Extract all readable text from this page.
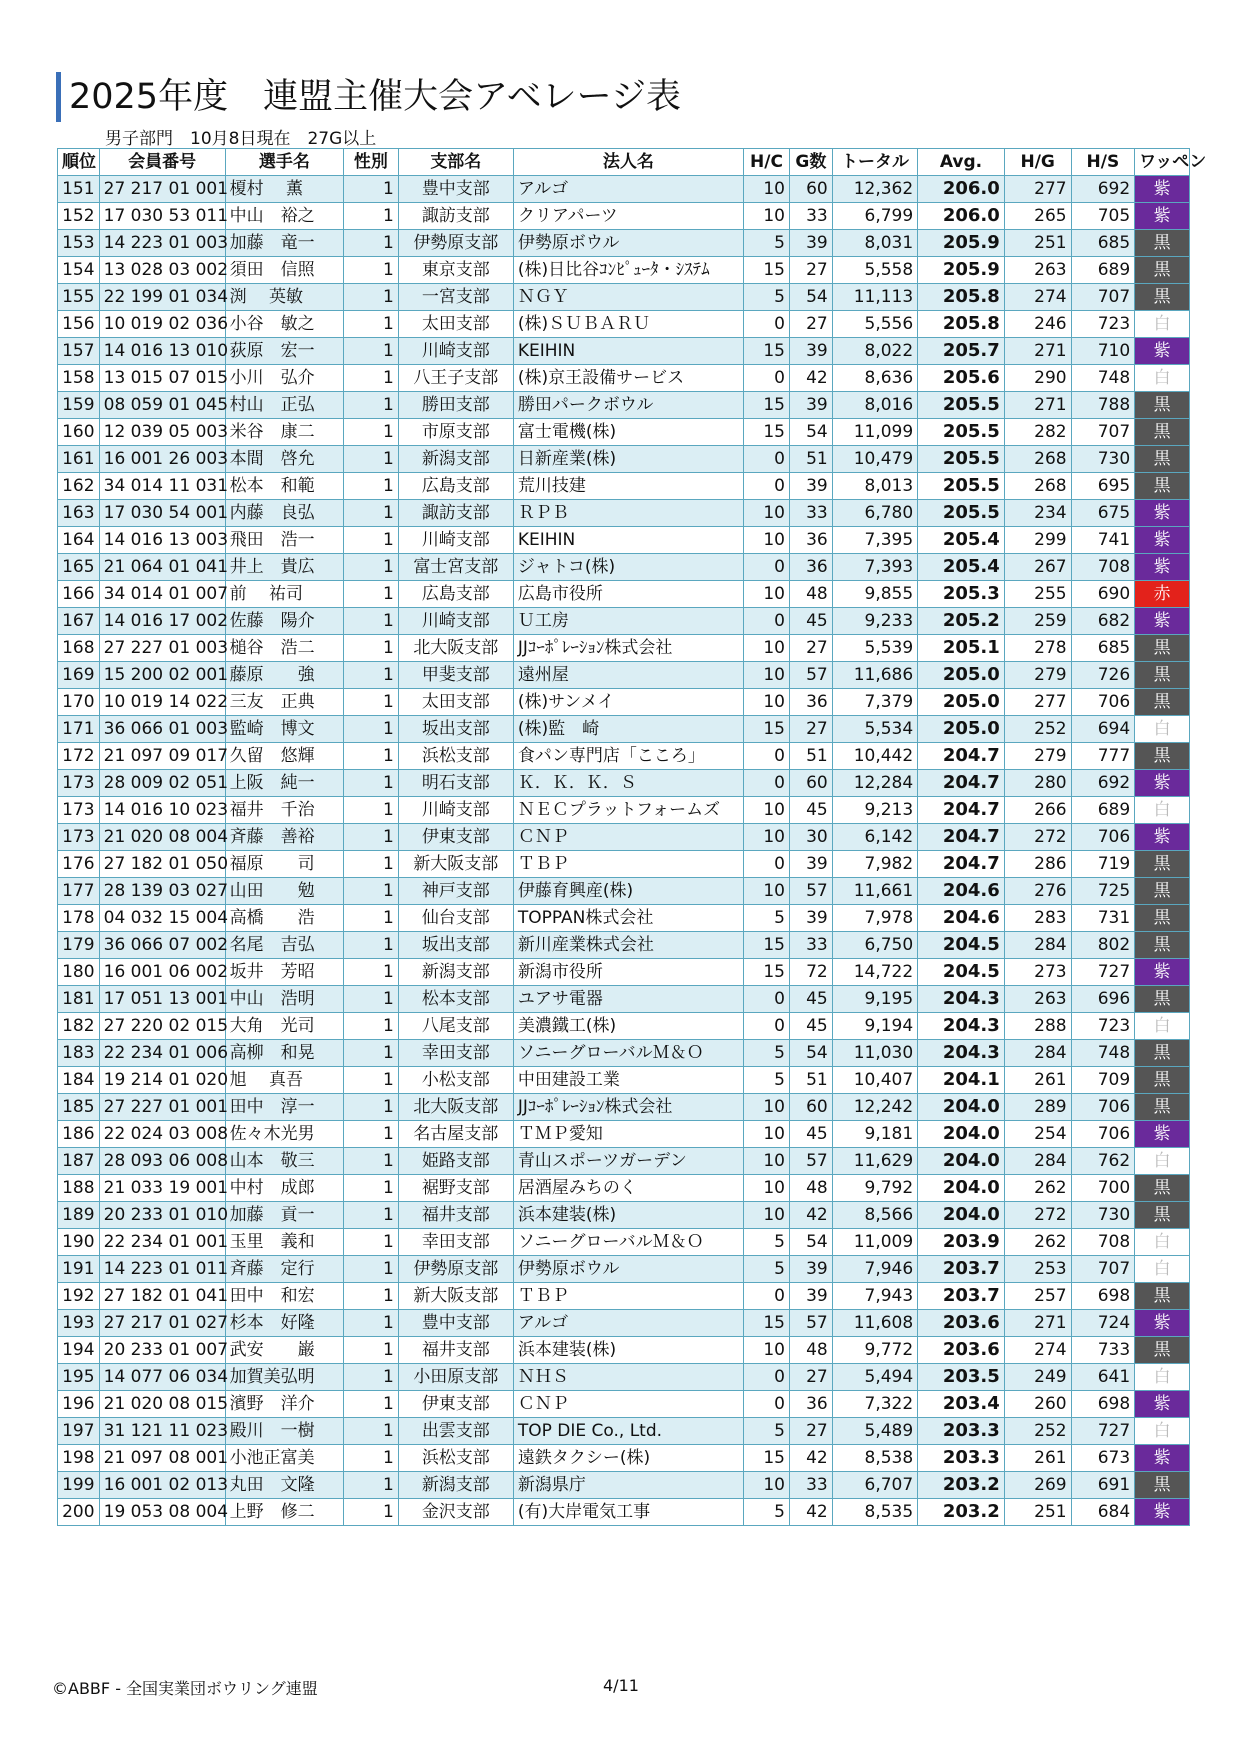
2025年度　連盟主催大会アベレージ表
男子部門　10月8日現在　27G以上
順位	会員番号	選手名	性別	支部名	法人名	H/C	G数	トータル	Avg.	H/G	H/S	ワッペン
151	27 217 01 001	榎村　 薫	1	豊中支部	アルゴ	10	60	12,362	206.0	277	692	紫
152	17 030 53 011	中山　裕之	1	諏訪支部	クリアパーツ	10	33	6,799	206.0	265	705	紫
153	14 223 01 003	加藤　竜一	1	伊勢原支部	伊勢原ボウル	5	39	8,031	205.9	251	685	黒
154	13 028 03 002	須田　信照	1	東京支部	(株)日比谷ｺﾝﾋﾟｭｰﾀ・ｼｽﾃﾑ	15	27	5,558	205.9	263	689	黒
155	22 199 01 034	渕　 英敏	1	一宮支部	ＮＧＹ	5	54	11,113	205.8	274	707	黒
156	10 019 02 036	小谷　敏之	1	太田支部	(株)ＳＵＢＡＲＵ	0	27	5,556	205.8	246	723	白
157	14 016 13 010	荻原　宏一	1	川崎支部	KEIHIN	15	39	8,022	205.7	271	710	紫
158	13 015 07 015	小川　弘介	1	八王子支部	(株)京王設備サービス	0	42	8,636	205.6	290	748	白
159	08 059 01 045	村山　正弘	1	勝田支部	勝田パークボウル	15	39	8,016	205.5	271	788	黒
160	12 039 05 003	米谷　康二	1	市原支部	富士電機(株)	15	54	11,099	205.5	282	707	黒
161	16 001 26 003	本間　啓允	1	新潟支部	日新産業(株)	0	51	10,479	205.5	268	730	黒
162	34 014 11 031	松本　和範	1	広島支部	荒川技建	0	39	8,013	205.5	268	695	黒
163	17 030 54 001	内藤　良弘	1	諏訪支部	ＲＰＢ	10	33	6,780	205.5	234	675	紫
164	14 016 13 003	飛田　浩一	1	川崎支部	KEIHIN	10	36	7,395	205.4	299	741	紫
165	21 064 01 041	井上　貴広	1	富士宮支部	ジャトコ(株)	0	36	7,393	205.4	267	708	紫
166	34 014 01 007	前　 祐司	1	広島支部	広島市役所	10	48	9,855	205.3	255	690	赤
167	14 016 17 002	佐藤　陽介	1	川崎支部	Ｕ工房	0	45	9,233	205.2	259	682	紫
168	27 227 01 003	槌谷　浩二	1	北大阪支部	JJｺｰﾎﾟﾚｰｼｮﾝ株式会社	10	27	5,539	205.1	278	685	黒
169	15 200 02 001	藤原　　強	1	甲斐支部	遠州屋	10	57	11,686	205.0	279	726	黒
170	10 019 14 022	三友　正典	1	太田支部	(株)サンメイ	10	36	7,379	205.0	277	706	黒
171	36 066 01 003	監崎　博文	1	坂出支部	(株)監　崎	15	27	5,534	205.0	252	694	白
172	21 097 09 017	久留　悠輝	1	浜松支部	食パン専門店「こころ」	0	51	10,442	204.7	279	777	黒
173	28 009 02 051	上阪　純一	1	明石支部	Ｋ．Ｋ．Ｋ．Ｓ	0	60	12,284	204.7	280	692	紫
173	14 016 10 023	福井　千治	1	川崎支部	ＮＥＣプラットフォームズ	10	45	9,213	204.7	266	689	白
173	21 020 08 004	斉藤　善裕	1	伊東支部	ＣＮＰ	10	30	6,142	204.7	272	706	紫
176	27 182 01 050	福原　　司	1	新大阪支部	ＴＢＰ	0	39	7,982	204.7	286	719	黒
177	28 139 03 027	山田　　勉	1	神戸支部	伊藤育興産(株)	10	57	11,661	204.6	276	725	黒
178	04 032 15 004	高橋　　浩	1	仙台支部	TOPPAN株式会社	5	39	7,978	204.6	283	731	黒
179	36 066 07 002	名尾　吉弘	1	坂出支部	新川産業株式会社	15	33	6,750	204.5	284	802	黒
180	16 001 06 002	坂井　芳昭	1	新潟支部	新潟市役所	15	72	14,722	204.5	273	727	紫
181	17 051 13 001	中山　浩明	1	松本支部	ユアサ電器	0	45	9,195	204.3	263	696	黒
182	27 220 02 015	大角　光司	1	八尾支部	美濃鐵工(株)	0	45	9,194	204.3	288	723	白
183	22 234 01 006	高柳　和晃	1	幸田支部	ソニーグローバルＭ＆Ｏ	5	54	11,030	204.3	284	748	黒
184	19 214 01 020	旭　 真吾	1	小松支部	中田建設工業	5	51	10,407	204.1	261	709	黒
185	27 227 01 001	田中　淳一	1	北大阪支部	JJｺｰﾎﾟﾚｰｼｮﾝ株式会社	10	60	12,242	204.0	289	706	黒
186	22 024 03 008	佐々木光男	1	名古屋支部	ＴＭＰ愛知	10	45	9,181	204.0	254	706	紫
187	28 093 06 008	山本　敬三	1	姫路支部	青山スポーツガーデン	10	57	11,629	204.0	284	762	白
188	21 033 19 001	中村　成郎	1	裾野支部	居酒屋みちのく	10	48	9,792	204.0	262	700	黒
189	20 233 01 010	加藤　貢一	1	福井支部	浜本建装(株)	10	42	8,566	204.0	272	730	黒
190	22 234 01 001	玉里　義和	1	幸田支部	ソニーグローバルＭ＆Ｏ	5	54	11,009	203.9	262	708	白
191	14 223 01 011	斉藤　定行	1	伊勢原支部	伊勢原ボウル	5	39	7,946	203.7	253	707	白
192	27 182 01 041	田中　和宏	1	新大阪支部	ＴＢＰ	0	39	7,943	203.7	257	698	黒
193	27 217 01 027	杉本　好隆	1	豊中支部	アルゴ	15	57	11,608	203.6	271	724	紫
194	20 233 01 007	武安　　巌	1	福井支部	浜本建装(株)	10	48	9,772	203.6	274	733	黒
195	14 077 06 034	加賀美弘明	1	小田原支部	ＮＨＳ	0	27	5,494	203.5	249	641	白
196	21 020 08 015	濱野　洋介	1	伊東支部	ＣＮＰ	0	36	7,322	203.4	260	698	紫
197	31 121 11 023	殿川　一樹	1	出雲支部	TOP DIE Co., Ltd.	5	27	5,489	203.3	252	727	白
198	21 097 08 001	小池正富美	1	浜松支部	遠鉄タクシー(株)	15	42	8,538	203.3	261	673	紫
199	16 001 02 013	丸田　文隆	1	新潟支部	新潟県庁	10	33	6,707	203.2	269	691	黒
200	19 053 08 004	上野　修二	1	金沢支部	(有)大岸電気工事	5	42	8,535	203.2	251	684	紫
©ABBF - 全国実業団ボウリング連盟	4/11
